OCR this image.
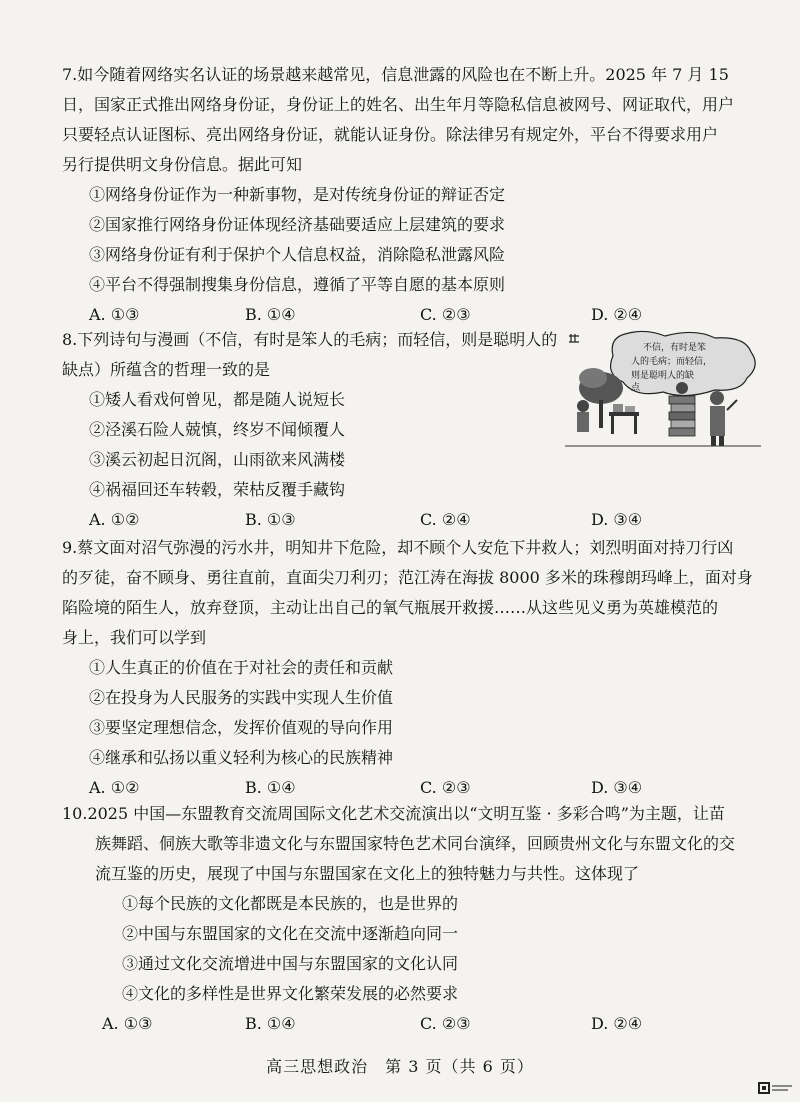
7.如今随着网络实名认证的场景越来越常见，信息泄露的风险也在不断上升。2025 年 7 月 15

日，国家正式推出网络身份证，身份证上的姓名、出生年月等隐私信息被网号、网证取代，用户

只要轻点认证图标、亮出网络身份证，就能认证身份。除法律另有规定外，平台不得要求用户

另行提供明文身份信息。据此可知

①网络身份证作为一种新事物，是对传统身份证的辩证否定

②国家推行网络身份证体现经济基础要适应上层建筑的要求

③网络身份证有利于保护个人信息权益，消除隐私泄露风险

④平台不得强制搜集身份信息，遵循了平等自愿的基本原则

A. ①③	B. ①④	C. ②③	D. ②④

8.下列诗句与漫画（不信，有时是笨人的毛病；而轻信，则是聪明人的

缺点）所蕴含的哲理一致的是

①矮人看戏何曾见，都是随人说短长

②泾溪石险人兢慎，终岁不闻倾覆人

③溪云初起日沉阁，山雨欲来风满楼

④祸福回还车转毂，荣枯反覆手藏钩

A. ①②	B. ①③	C. ②④	D. ③④
不信，有时是笨
人的毛病；而轻信，
则是聪明人的缺
点

9.蔡文面对沼气弥漫的污水井，明知井下危险，却不顾个人安危下井救人；刘烈明面对持刀行凶

的歹徒，奋不顾身、勇往直前，直面尖刀利刃；范江涛在海拔 8000 多米的珠穆朗玛峰上，面对身

陷险境的陌生人，放弃登顶，主动让出自己的氧气瓶展开救援……从这些见义勇为英雄模范的

身上，我们可以学到

①人生真正的价值在于对社会的责任和贡献

②在投身为人民服务的实践中实现人生价值

③要坚定理想信念，发挥价值观的导向作用

④继承和弘扬以重义轻利为核心的民族精神

A. ①②	B. ①④	C. ②③	D. ③④

10.2025 中国—东盟教育交流周国际文化艺术交流演出以“文明互鉴 · 多彩合鸣”为主题，让苗

族舞蹈、侗族大歌等非遗文化与东盟国家特色艺术同台演绎，回顾贵州文化与东盟文化的交

流互鉴的历史，展现了中国与东盟国家在文化上的独特魅力与共性。这体现了

①每个民族的文化都既是本民族的，也是世界的

②中国与东盟国家的文化在交流中逐渐趋向同一

③通过文化交流增进中国与东盟国家的文化认同

④文化的多样性是世界文化繁荣发展的必然要求

A. ①③	B. ①④	C. ②③	D. ②④
高三思想政治　第 3 页（共 6 页）
